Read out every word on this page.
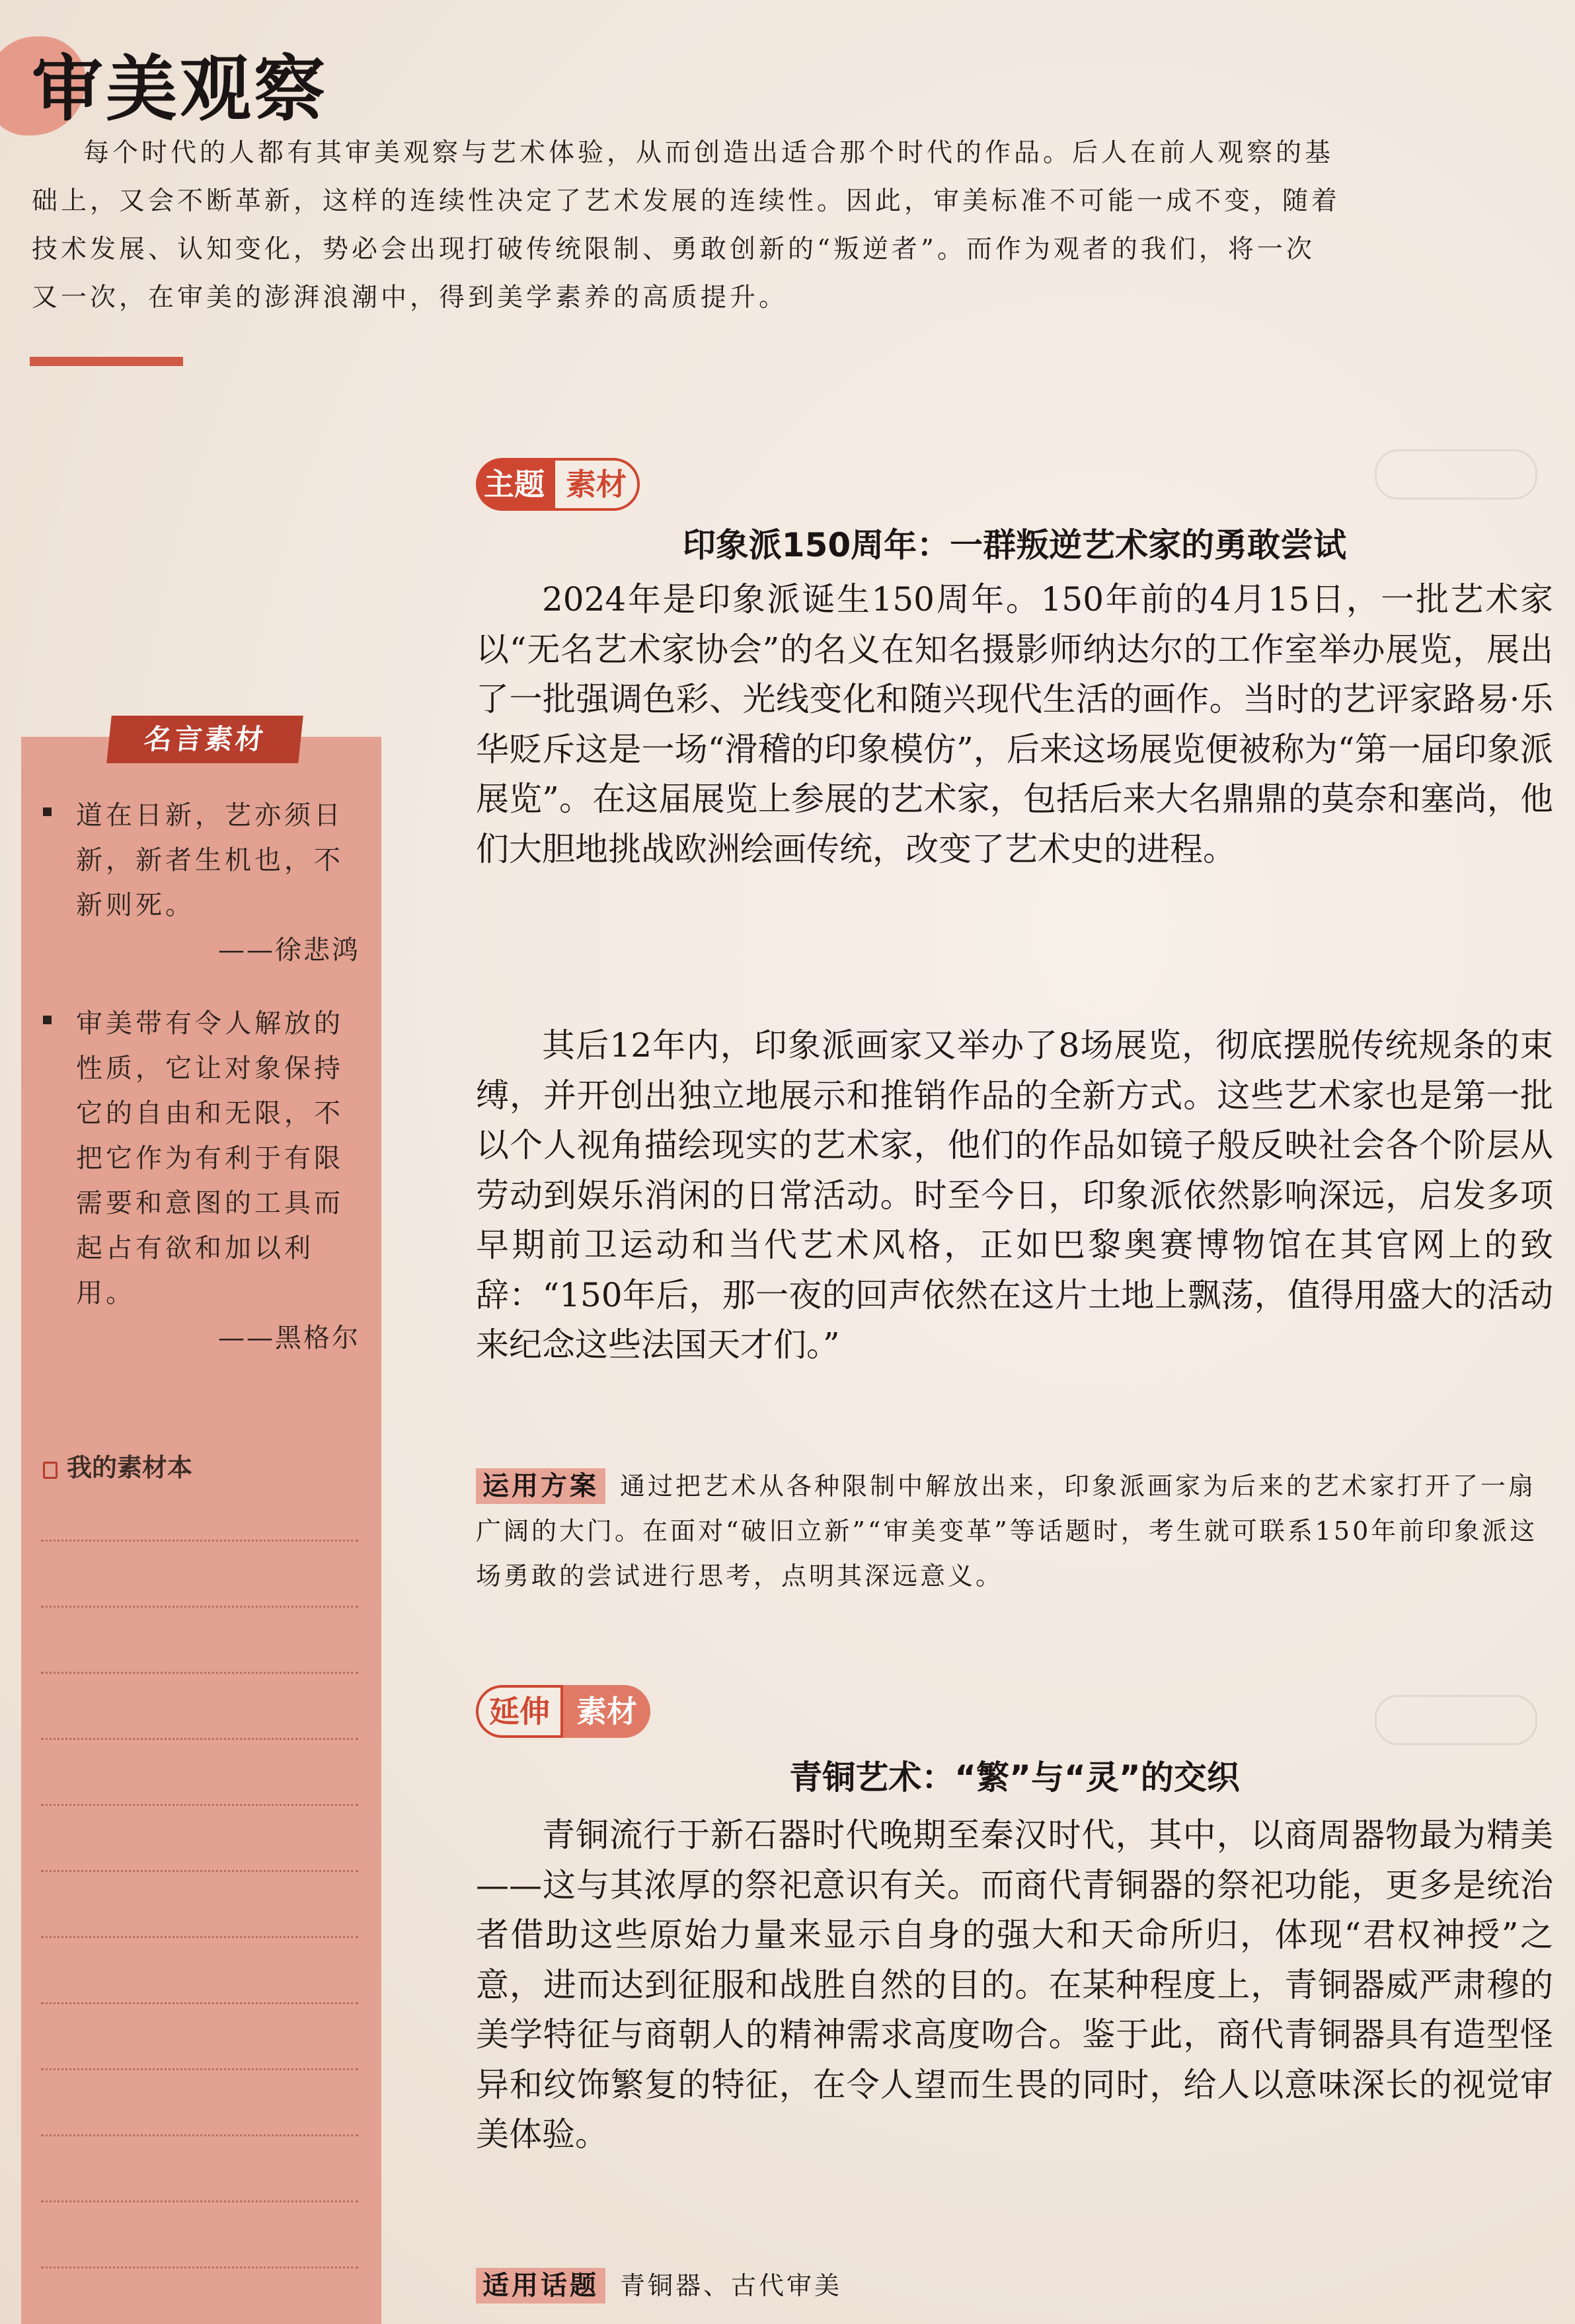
审美观察

每个时代的人都有其审美观察与艺术体验，从而创造出适合那个时代的作品。后人在前人观察的基础上，又会不断革新，这样的连续性决定了艺术发展的连续性。因此，审美标准不可能一成不变，随着技术发展、认知变化，势必会出现打破传统限制、勇敢创新的“叛逆者”。而作为观者的我们，将一次又一次，在审美的澎湃浪潮中，得到美学素养的高质提升。

名言素材

道在日新，艺亦须日新，新者生机也，不新则死。

——徐悲鸿

审美带有令人解放的性质，它让对象保持它的自由和无限，不把它作为有利于有限需要和意图的工具而起占有欲和加以利用。

——黑格尔

我的素材本
主题 素材
印象派150周年：一群叛逆艺术家的勇敢尝试

2024年是印象派诞生150周年。150年前的4月15日，一批艺术家以“无名艺术家协会”的名义在知名摄影师纳达尔的工作室举办展览，展出了一批强调色彩、光线变化和随兴现代生活的画作。当时的艺评家路易·乐华贬斥这是一场“滑稽的印象模仿”，后来这场展览便被称为“第一届印象派展览”。在这届展览上参展的艺术家，包括后来大名鼎鼎的莫奈和塞尚，他们大胆地挑战欧洲绘画传统，改变了艺术史的进程。

其后12年内，印象派画家又举办了8场展览，彻底摆脱传统规条的束缚，并开创出独立地展示和推销作品的全新方式。这些艺术家也是第一批以个人视角描绘现实的艺术家，他们的作品如镜子般反映社会各个阶层从劳动到娱乐消闲的日常活动。时至今日，印象派依然影响深远，启发多项早期前卫运动和当代艺术风格，正如巴黎奥赛博物馆在其官网上的致辞：“150年后，那一夜的回声依然在这片土地上飘荡，值得用盛大的活动来纪念这些法国天才们。”

运用方案 通过把艺术从各种限制中解放出来，印象派画家为后来的艺术家打开了一扇广阔的大门。在面对“破旧立新”“审美变革”等话题时，考生就可联系150年前印象派这场勇敢的尝试进行思考，点明其深远意义。

延伸 素材
青铜艺术：“繁”与“灵”的交织

青铜流行于新石器时代晚期至秦汉时代，其中，以商周器物最为精美——这与其浓厚的祭祀意识有关。而商代青铜器的祭祀功能，更多是统治者借助这些原始力量来显示自身的强大和天命所归，体现“君权神授”之意，进而达到征服和战胜自然的目的。在某种程度上，青铜器威严肃穆的美学特征与商朝人的精神需求高度吻合。鉴于此，商代青铜器具有造型怪异和纹饰繁复的特征，在令人望而生畏的同时，给人以意味深长的视觉审美体验。

适用话题 青铜器、古代审美
